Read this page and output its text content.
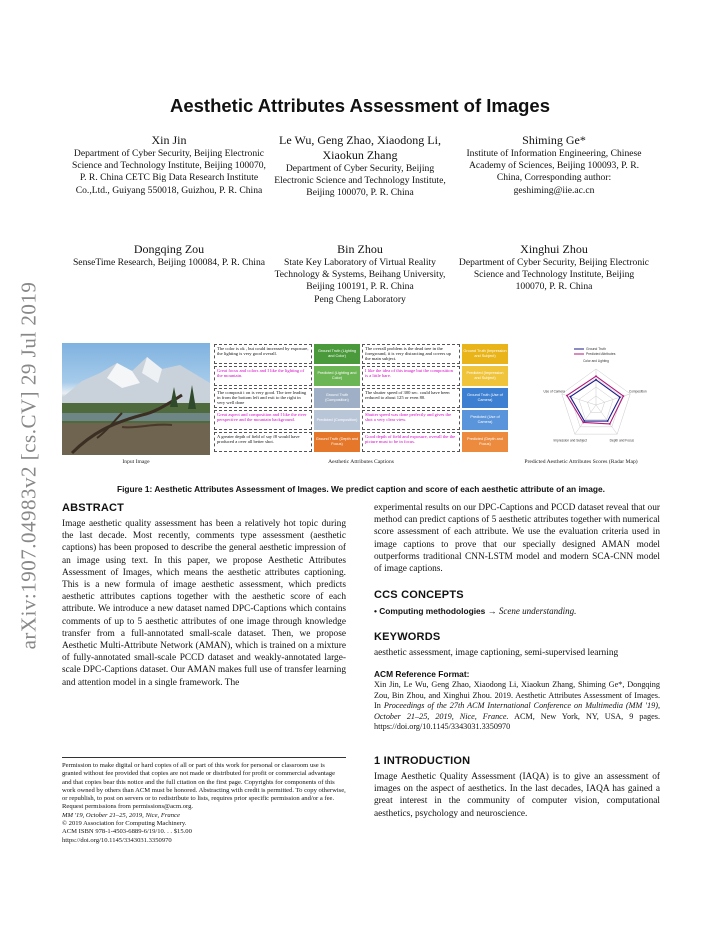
arXiv:1907.04983v2 [cs.CV] 29 Jul 2019
Aesthetic Attributes Assessment of Images
Xin Jin
Department of Cyber Security, Beijing Electronic Science and Technology Institute, Beijing 100070, P. R. China CETC Big Data Research Institute Co.,Ltd., Guiyang 550018, Guizhou, P. R. China
Le Wu, Geng Zhao, Xiaodong Li, Xiaokun Zhang
Department of Cyber Security, Beijing Electronic Science and Technology Institute, Beijing 100070, P. R. China
Shiming Ge*
Institute of Information Engineering, Chinese Academy of Sciences, Beijing 100093, P. R. China, Corresponding author: geshiming@iie.ac.cn
Dongqing Zou
SenseTime Research, Beijing 100084, P. R. China
Bin Zhou
State Key Laboratory of Virtual Reality Technology & Systems, Beihang University, Beijing 100191, P. R. China
Peng Cheng Laboratory
Xinghui Zhou
Department of Cyber Security, Beijing Electronic Science and Technology Institute, Beijing 100070, P. R. China
Input Image
The color is ok , but could increased by exposure, the lighting is very good overall.
Great focus and colors and I like the lighting of the mountain.
The composit i on is very good. The tree leading in from the bottom left and exit to the right in very well done
Great aspect and composition and I like the river perspective and the mountain background.
A greater depth of field of say f8 would have produced a over all better shot.
Ground Truth (Lighting and Color)
Predicted (Lighting and Color)
Ground Truth (Composition)
Predicted (Composition)
Ground Truth (Depth and Focus)
The overall problem is the dead tree in the foreground, it is very distracting and covers up the main subject.
I like the idea of this image but the composition is a little bare.
The shutter speed of 300 sec. could have been reduced to about 125 or even 80.
Shutter speed was done perfectly and gives the shot a very clear view.
Good depth of field and exposure, overall the the picture must to be in focus.
Ground Truth (Impression and Subject)
Predicted (Impression and Subject)
Ground Truth (Use of Camera)
Predicted (Use of Camera)
Predicted (Depth and Focus)
Aesthetic Attributes Captions
Color and Lighting
Composition
Depth and Focus
Impression and Subject
Use of Camera
Ground Truth
Predicted Attributes
Predicted Aesthetic Attributes Scores (Radar Map)
Figure 1: Aesthetic Attributes Assessment of Images. We predict caption and score of each aesthetic attribute of an image.
ABSTRACT

Image aesthetic quality assessment has been a relatively hot topic during the last decade. Most recently, comments type assessment (aesthetic captions) has been proposed to describe the general aesthetic impression of an image using text. In this paper, we propose Aesthetic Attributes Assessment of Images, which means the aesthetic attributes captioning. This is a new formula of image aesthetic assessment, which predicts aesthetic attributes captions together with the aesthetic score of each attribute. We introduce a new dataset named DPC-Captions which contains comments of up to 5 aesthetic attributes of one image through knowledge transfer from a full-annotated small-scale dataset. Then, we propose Aesthetic Multi-Attribute Network (AMAN), which is trained on a mixture of fully-annotated small-scale PCCD dataset and weakly-annotated large-scale DPC-Captions dataset. Our AMAN makes full use of transfer learning and attention model in a single framework. The

Permission to make digital or hard copies of all or part of this work for personal or classroom use is granted without fee provided that copies are not made or distributed for profit or commercial advantage and that copies bear this notice and the full citation on the first page. Copyrights for components of this work owned by others than ACM must be honored. Abstracting with credit is permitted. To copy otherwise, or republish, to post on servers or to redistribute to lists, requires prior specific permission and/or a fee. Request permissions from permissions@acm.org.
MM '19, October 21–25, 2019, Nice, France
© 2019 Association for Computing Machinery.
ACM ISBN 978-1-4503-6889-6/19/10. . . $15.00
https://doi.org/10.1145/3343031.3350970

experimental results on our DPC-Captions and PCCD dataset reveal that our method can predict captions of 5 aesthetic attributes together with numerical score assessment of each attribute. We use the evaluation criteria used in image captions to prove that our specially designed AMAN model outperforms traditional CNN-LSTM model and modern SCA-CNN model of image captions.

CCS CONCEPTS

• Computing methodologies → Scene understanding.

KEYWORDS

aesthetic assessment, image captioning, semi-supervised learning

ACM Reference Format:

Xin Jin, Le Wu, Geng Zhao, Xiaodong Li, Xiaokun Zhang, Shiming Ge*, Dongqing Zou, Bin Zhou, and Xinghui Zhou. 2019. Aesthetic Attributes Assessment of Images. In Proceedings of the 27th ACM International Conference on Multimedia (MM '19), October 21–25, 2019, Nice, France. ACM, New York, NY, USA, 9 pages. https://doi.org/10.1145/3343031.3350970

1 INTRODUCTION

Image Aesthetic Quality Assessment (IAQA) is to give an assessment of images on the aspect of aesthetics. In the last decades, IAQA has gained a great interest in the community of computer vision, computational aesthetics, psychology and neuroscience.
